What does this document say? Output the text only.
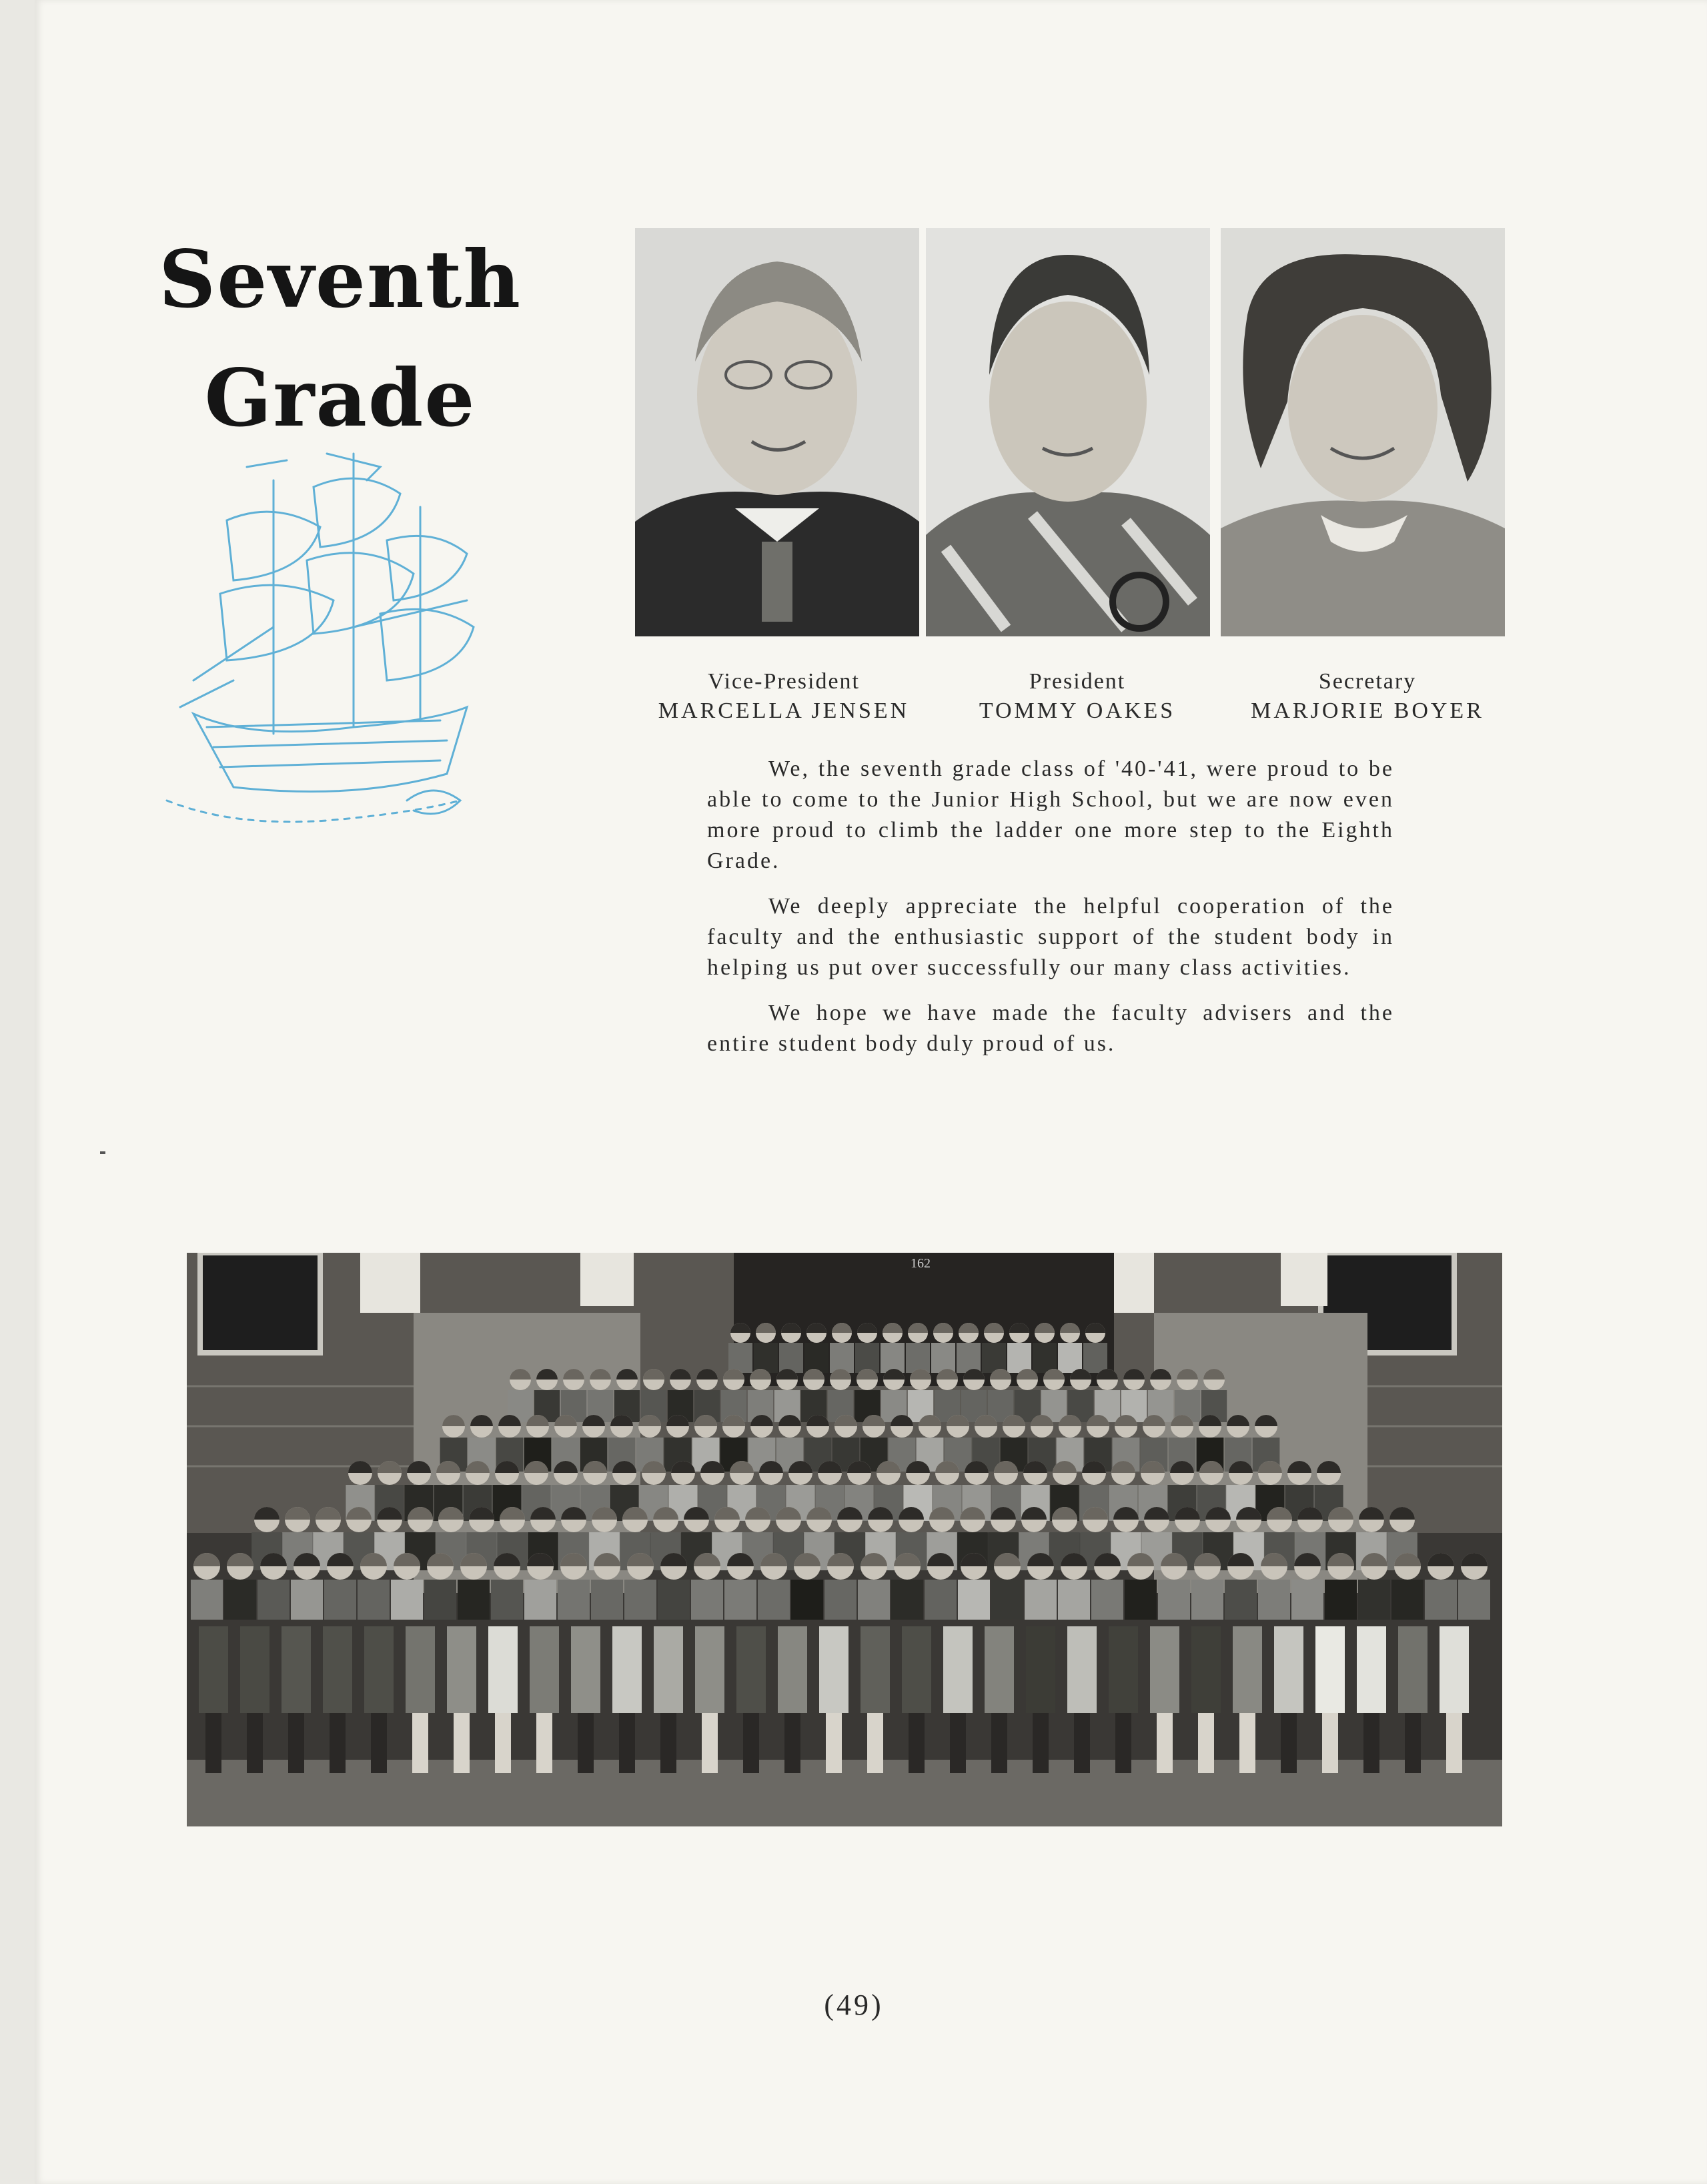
Seventh
Grade
Vice-President
MARCELLA JENSEN
President
TOMMY OAKES
Secretary
MARJORIE BOYER

We, the seventh grade class of '40-'41, were proud to be able to come to the Junior High School, but we are now even more proud to climb the ladder one more step to the Eighth Grade.

We deeply appreciate the helpful cooperation of the faculty and the enthusiastic support of the student body in helping us put over successfully our many class activities.

We hope we have made the faculty advisers and the entire student body duly proud of us.

162
(49)
